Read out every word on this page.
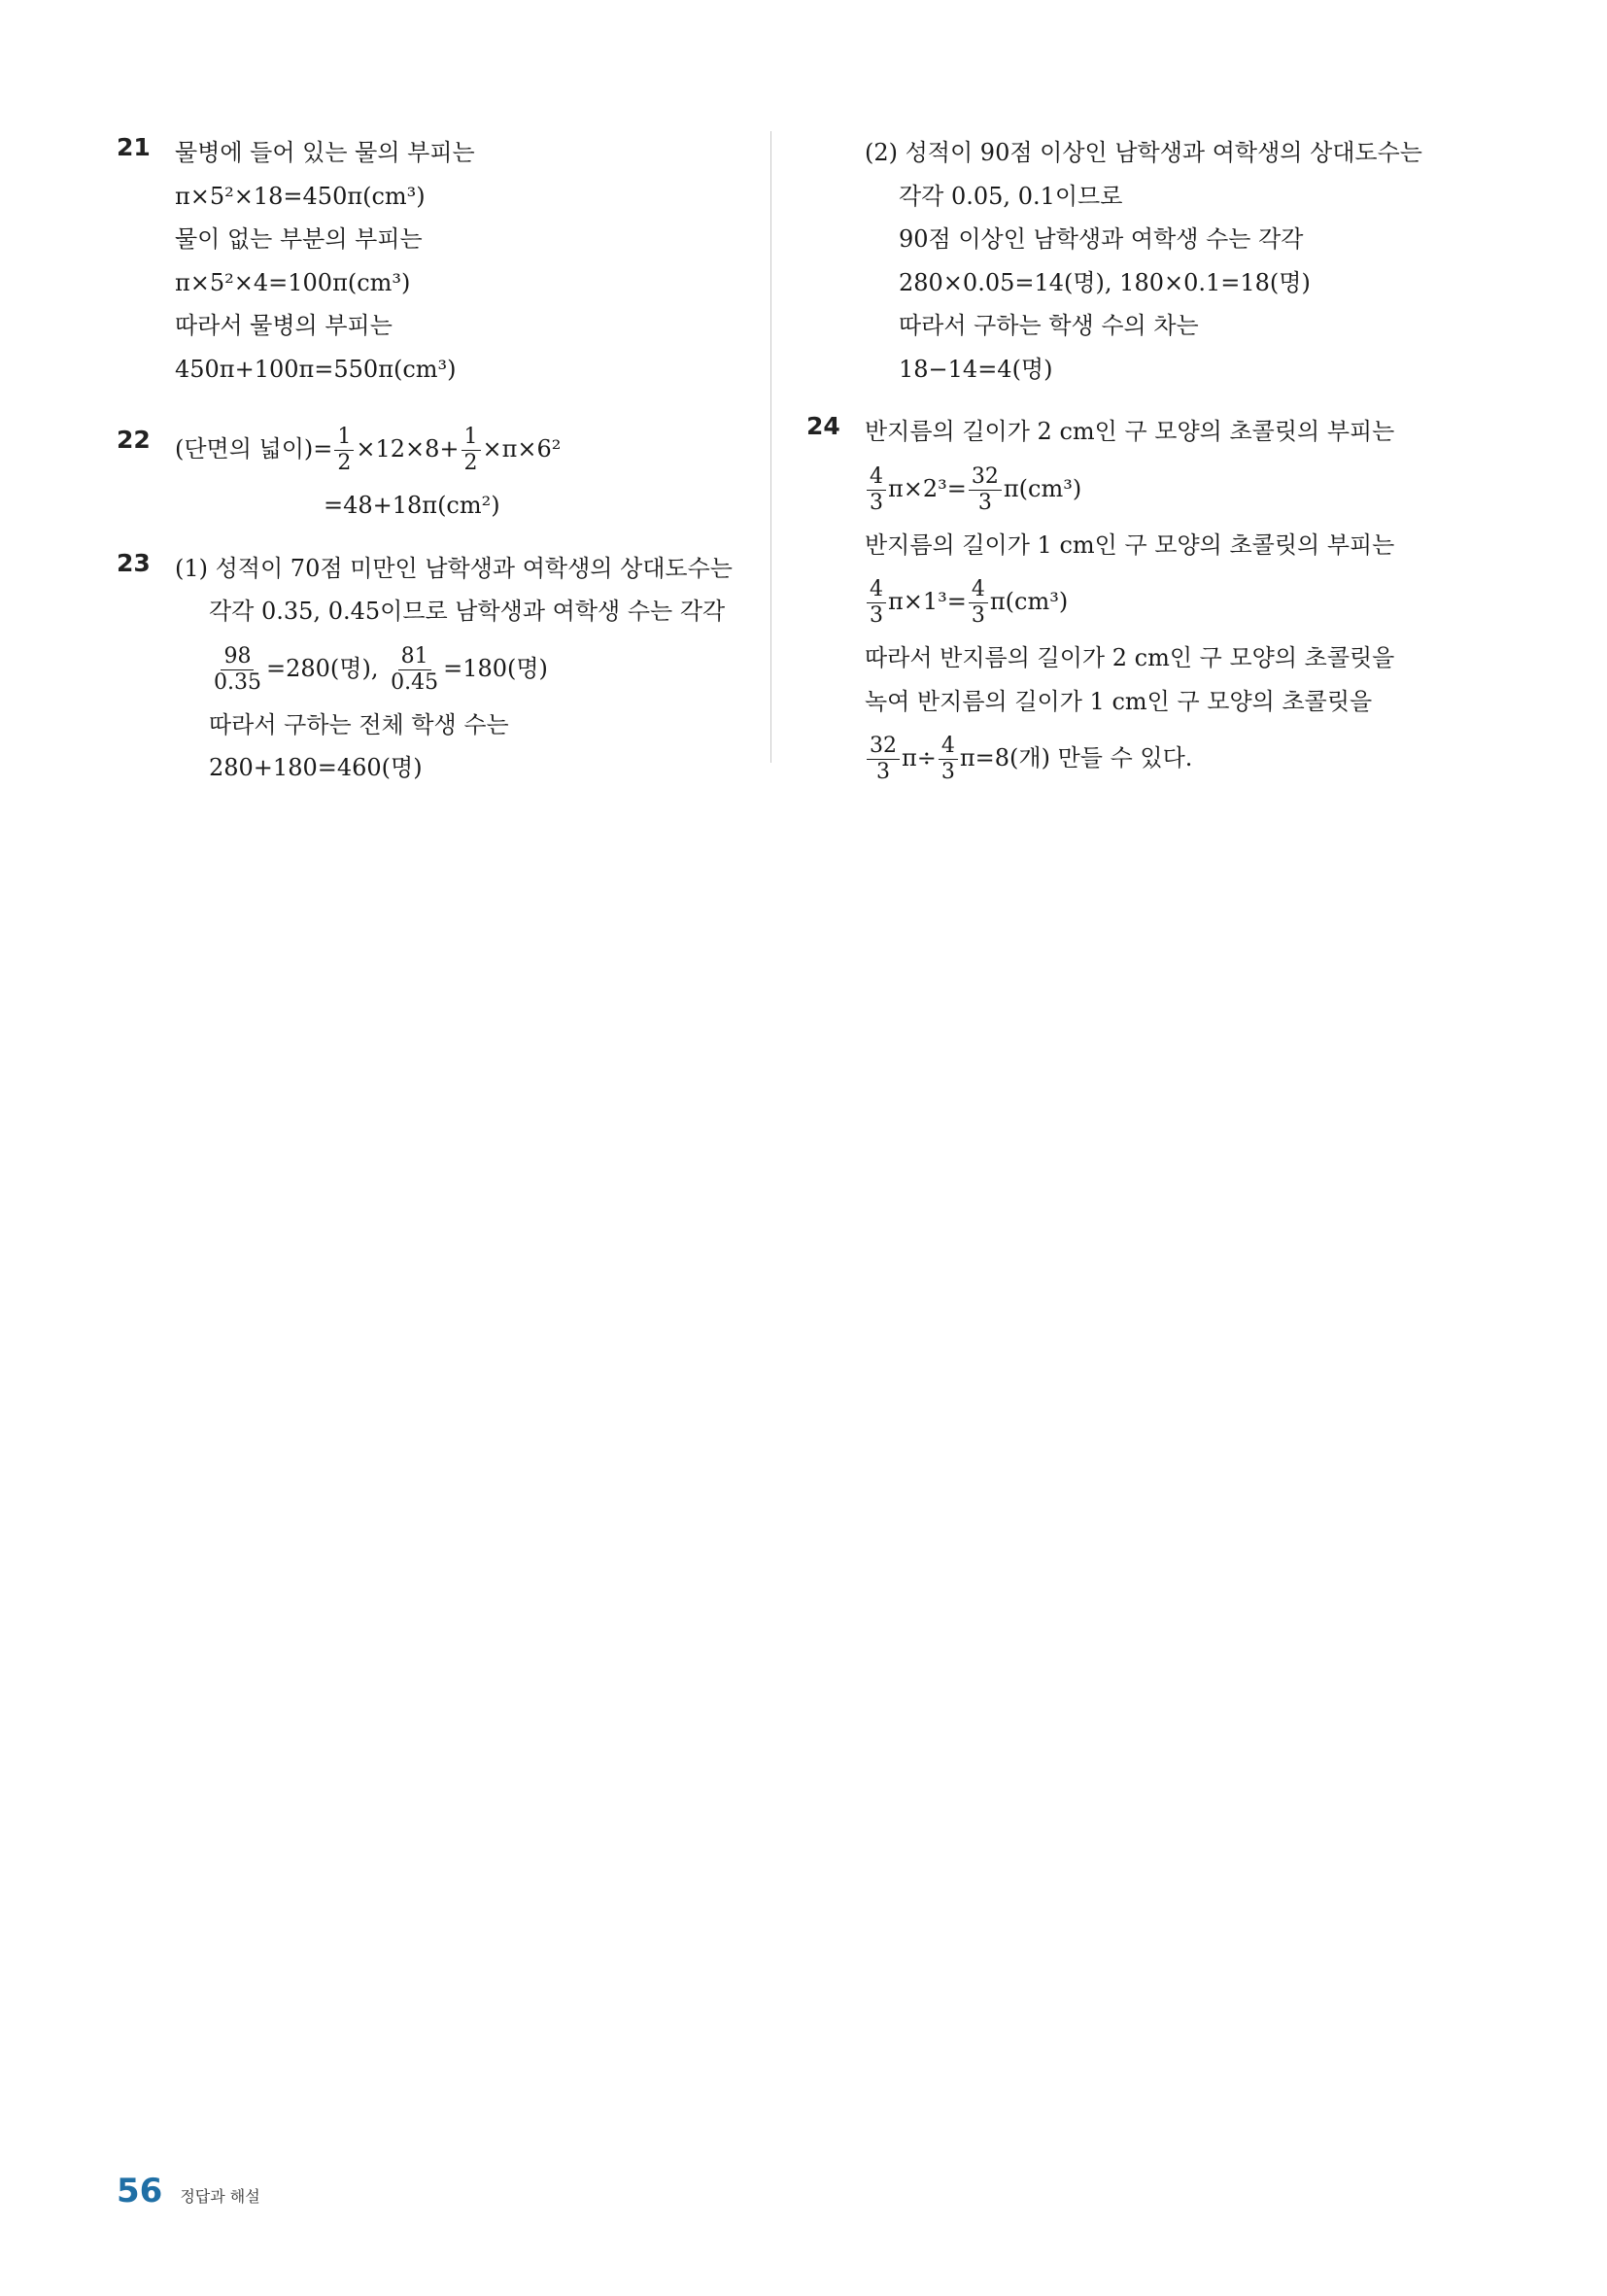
21	물병에 들어 있는 물의 부피는
π×5²×18=450π(cm³)
물이 없는 부분의 부피는
π×5²×4=100π(cm³)
따라서 물병의 부피는
450π+100π=550π(cm³)
22	(단면의 넓이)= $\frac{1}{2} \times 12\times 8+ \frac{1}{2} \times\pi\times 6^2$
=48+18π(cm²)
23	(1) 성적이 70점 미만인 남학생과 여학생의 상대도수는
각각 0.35, 0.45이므로 남학생과 여학생 수는 각각
$\frac{98}{0.35} =280$(명), $\frac{81}{0.45} =180$(명)
따라서 구하는 전체 학생 수는
280+180=460(명)
(2) 성적이 90점 이상인 남학생과 여학생의 상대도수는
각각 0.05, 0.1이므로
90점 이상인 남학생과 여학생 수는 각각
280×0.05=14(명), 180×0.1=18(명)
따라서 구하는 학생 수의 차는
18−14=4(명)
24	반지름의 길이가 2 cm인 구 모양의 초콜릿의 부피는
$\frac{4}{3} \pi\times 2^3= \frac{32}{3} \pi(cm^3)$
반지름의 길이가 1 cm인 구 모양의 초콜릿의 부피는
$\frac{4}{3} \pi\times 1^3= \frac{4}{3} \pi(cm^3)$
따라서 반지름의 길이가 2 cm인 구 모양의 초콜릿을
녹여 반지름의 길이가 1 cm인 구 모양의 초콜릿을
$\frac{32}{3} \pi\div \frac{4}{3} \pi=8$(개) 만들 수 있다.
56 정답과 해설
